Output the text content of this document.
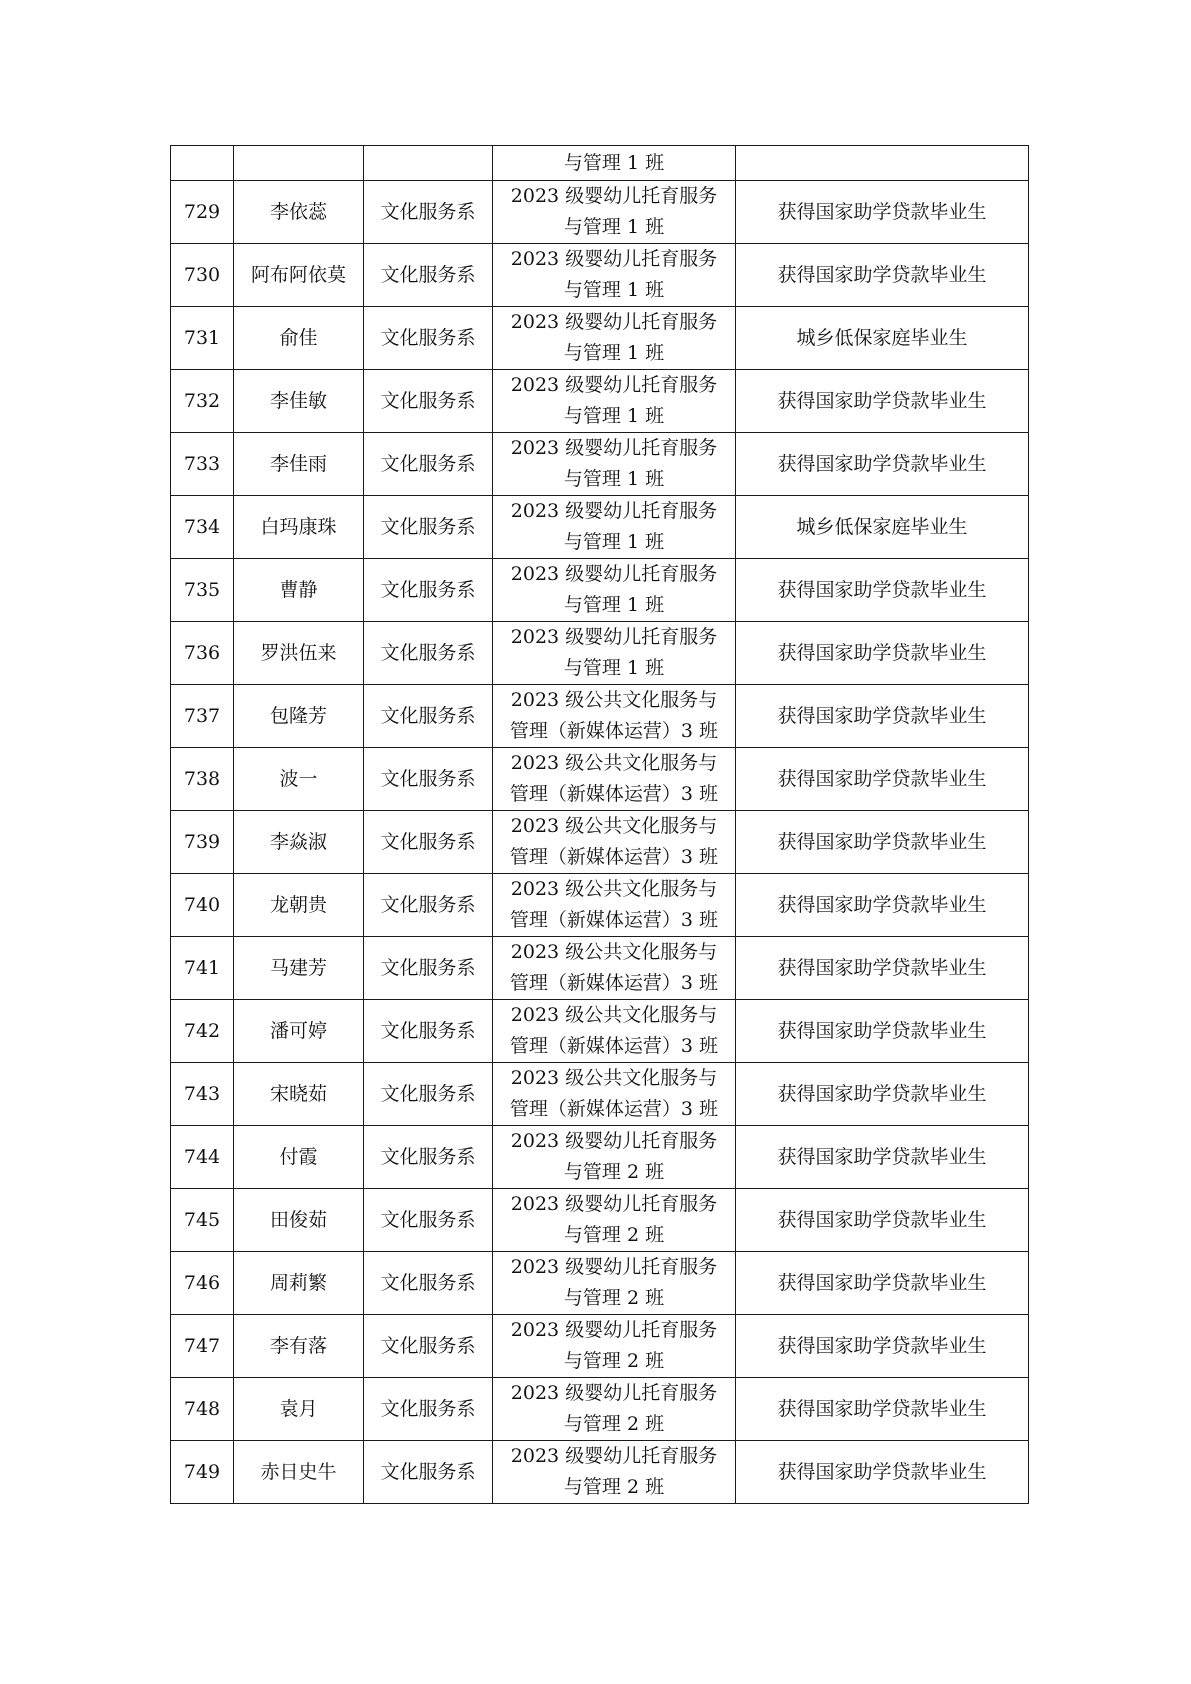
			与管理 1 班	

729	李依蕊	文化服务系	2023 级婴幼儿托育服务
与管理 1 班	获得国家助学贷款毕业生
730	阿布阿依莫	文化服务系	2023 级婴幼儿托育服务
与管理 1 班	获得国家助学贷款毕业生
731	俞佳	文化服务系	2023 级婴幼儿托育服务
与管理 1 班	城乡低保家庭毕业生
732	李佳敏	文化服务系	2023 级婴幼儿托育服务
与管理 1 班	获得国家助学贷款毕业生
733	李佳雨	文化服务系	2023 级婴幼儿托育服务
与管理 1 班	获得国家助学贷款毕业生
734	白玛康珠	文化服务系	2023 级婴幼儿托育服务
与管理 1 班	城乡低保家庭毕业生
735	曹静	文化服务系	2023 级婴幼儿托育服务
与管理 1 班	获得国家助学贷款毕业生
736	罗洪伍来	文化服务系	2023 级婴幼儿托育服务
与管理 1 班	获得国家助学贷款毕业生
737	包隆芳	文化服务系	2023 级公共文化服务与
管理（新媒体运营）3 班	获得国家助学贷款毕业生
738	波一	文化服务系	2023 级公共文化服务与
管理（新媒体运营）3 班	获得国家助学贷款毕业生
739	李焱淑	文化服务系	2023 级公共文化服务与
管理（新媒体运营）3 班	获得国家助学贷款毕业生
740	龙朝贵	文化服务系	2023 级公共文化服务与
管理（新媒体运营）3 班	获得国家助学贷款毕业生
741	马建芳	文化服务系	2023 级公共文化服务与
管理（新媒体运营）3 班	获得国家助学贷款毕业生
742	潘可婷	文化服务系	2023 级公共文化服务与
管理（新媒体运营）3 班	获得国家助学贷款毕业生
743	宋晓茹	文化服务系	2023 级公共文化服务与
管理（新媒体运营）3 班	获得国家助学贷款毕业生
744	付霞	文化服务系	2023 级婴幼儿托育服务
与管理 2 班	获得国家助学贷款毕业生
745	田俊茹	文化服务系	2023 级婴幼儿托育服务
与管理 2 班	获得国家助学贷款毕业生
746	周莉繁	文化服务系	2023 级婴幼儿托育服务
与管理 2 班	获得国家助学贷款毕业生
747	李有落	文化服务系	2023 级婴幼儿托育服务
与管理 2 班	获得国家助学贷款毕业生
748	袁月	文化服务系	2023 级婴幼儿托育服务
与管理 2 班	获得国家助学贷款毕业生
749	赤日史牛	文化服务系	2023 级婴幼儿托育服务
与管理 2 班	获得国家助学贷款毕业生
